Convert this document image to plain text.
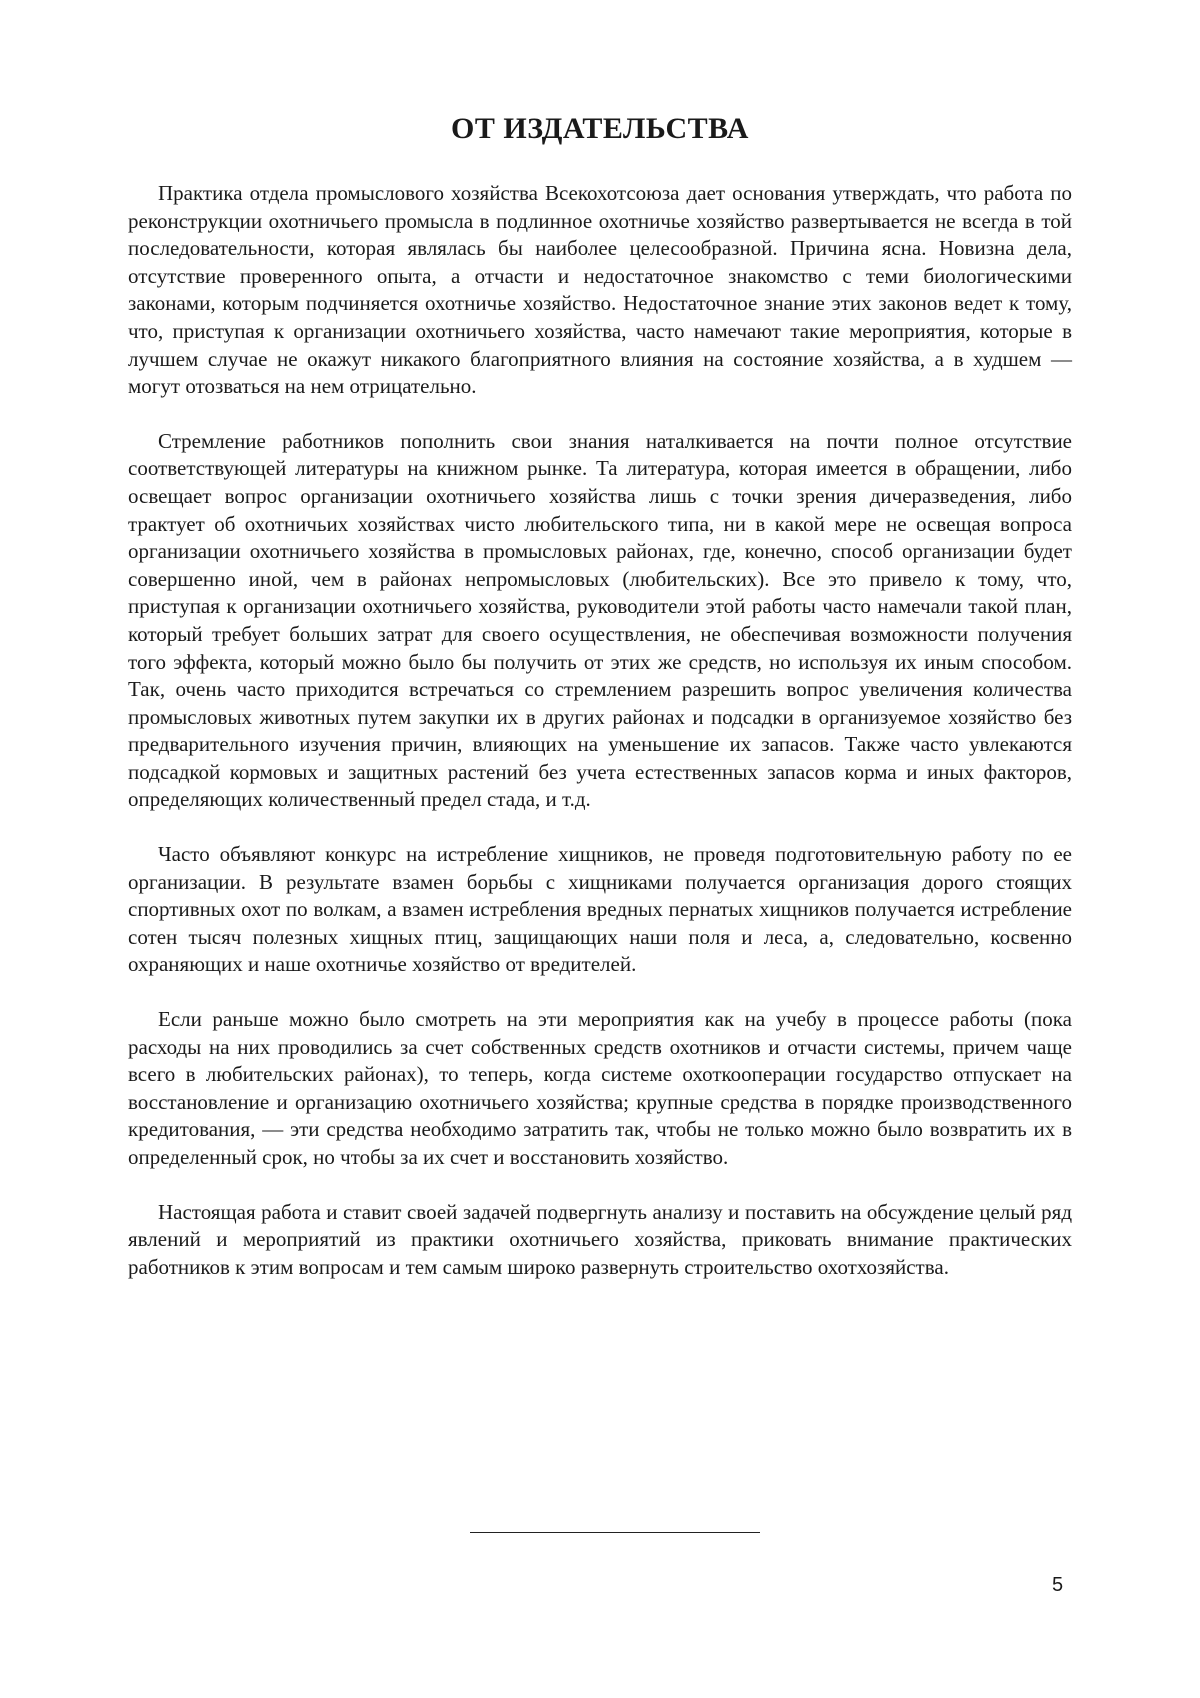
ОТ ИЗДАТЕЛЬСТВА

Практика отдела промыслового хозяйства Всекохотсоюза дает основания утверждать, что работа по реконструкции охотничьего промысла в подлинное охотничье хозяйство развертывается не всегда в той последовательности, которая являлась бы наиболее целесообразной. Причина ясна. Новизна дела, отсутствие проверенного опыта, а отчасти и недостаточное знакомство с теми биологическими законами, которым подчиняется охотничье хозяйство. Недостаточное знание этих законов ведет к тому, что, приступая к организации охотничьего хозяйства, часто намечают такие мероприятия, которые в лучшем случае не окажут никакого благоприятного влияния на состояние хозяйства, а в худшем — могут отозваться на нем отрицательно.

Стремление работников пополнить свои знания наталкивается на почти полное отсутствие соответствующей литературы на книжном рынке. Та литература, которая имеется в обращении, либо освещает вопрос организации охотничьего хозяйства лишь с точки зрения дичеразведения, либо трактует об охотничьих хозяйствах чисто любительского типа, ни в какой мере не освещая вопроса организации охотничьего хозяйства в промысловых районах, где, конечно, способ организации будет совершенно иной, чем в районах непромысловых (любительских). Все это привело к тому, что, приступая к организации охотничьего хозяйства, руководители этой работы часто намечали такой план, который требует больших затрат для своего осуществления, не обеспечивая возможности получения того эффекта, который можно было бы получить от этих же средств, но используя их иным способом. Так, очень часто приходится встречаться со стремлением разрешить вопрос увеличения количества промысловых животных путем закупки их в других районах и подсадки в организуемое хозяйство без предварительного изучения причин, влияющих на уменьшение их запасов. Также часто увлекаются подсадкой кормовых и защитных растений без учета естественных запасов корма и иных факторов, определяющих количественный предел стада, и т.д.

Часто объявляют конкурс на истребление хищников, не проведя подготовительную работу по ее организации. В результате взамен борьбы с хищниками получается организация дорого стоящих спортивных охот по волкам, а взамен истребления вредных пернатых хищников получается истребление сотен тысяч полезных хищных птиц, защищающих наши поля и леса, а, следовательно, косвенно охраняющих и наше охотничье хозяйство от вредителей.

Если раньше можно было смотреть на эти мероприятия как на учебу в процессе работы (пока расходы на них проводились за счет собственных средств охотников и отчасти системы, причем чаще всего в любительских районах), то теперь, когда системе охоткооперации государство отпускает на восстановление и организацию охотничьего хозяйства; крупные средства в порядке производственного кредитования, — эти средства необходимо затратить так, чтобы не только можно было возвратить их в определенный срок, но чтобы за их счет и восстановить хозяйство.

Настоящая работа и ставит своей задачей подвергнуть анализу и поставить на обсуждение целый ряд явлений и мероприятий из практики охотничьего хозяйства, приковать внимание практических работников к этим вопросам и тем самым широко развернуть строительство охотхозяйства.

5
